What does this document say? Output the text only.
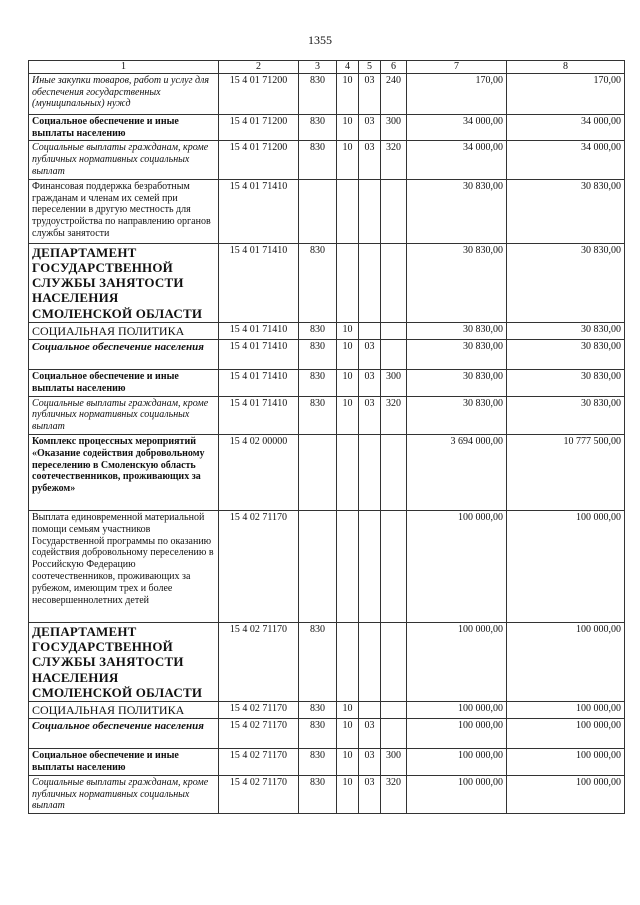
1355
1	2	3	4	5	6	7	8
Иные закупки товаров, работ и услуг для обеспечения государственных (муниципальных) нужд	15 4 01 71200	830	10	03	240	170,00	170,00
Социальное обеспечение и иные выплаты населению	15 4 01 71200	830	10	03	300	34 000,00	34 000,00
Социальные выплаты гражданам, кроме публичных нормативных социальных выплат	15 4 01 71200	830	10	03	320	34 000,00	34 000,00
Финансовая поддержка безработным гражданам и членам их семей при переселении в другую местность для трудоустройства по направлению органов службы занятости	15 4 01 71410					30 830,00	30 830,00
ДЕПАРТАМЕНТ ГОСУДАРСТВЕННОЙ СЛУЖБЫ ЗАНЯТОСТИ НАСЕЛЕНИЯ СМОЛЕНСКОЙ ОБЛАСТИ	15 4 01 71410	830				30 830,00	30 830,00
СОЦИАЛЬНАЯ ПОЛИТИКА	15 4 01 71410	830	10			30 830,00	30 830,00
Социальное обеспечение населения	15 4 01 71410	830	10	03		30 830,00	30 830,00
Социальное обеспечение и иные выплаты населению	15 4 01 71410	830	10	03	300	30 830,00	30 830,00
Социальные выплаты гражданам, кроме публичных нормативных социальных выплат	15 4 01 71410	830	10	03	320	30 830,00	30 830,00
Комплекс процессных мероприятий «Оказание содействия добровольному переселению в Смоленскую область соотечественников, проживающих за рубежом»	15 4 02 00000					3 694 000,00	10 777 500,00
Выплата единовременной материальной помощи семьям участников Государственной программы по оказанию содействия добровольному переселению в Российскую Федерацию соотечественников, проживающих за рубежом, имеющим трех и более несовершеннолетних детей	15 4 02 71170					100 000,00	100 000,00
ДЕПАРТАМЕНТ ГОСУДАРСТВЕННОЙ СЛУЖБЫ ЗАНЯТОСТИ НАСЕЛЕНИЯ СМОЛЕНСКОЙ ОБЛАСТИ	15 4 02 71170	830				100 000,00	100 000,00
СОЦИАЛЬНАЯ ПОЛИТИКА	15 4 02 71170	830	10			100 000,00	100 000,00
Социальное обеспечение населения	15 4 02 71170	830	10	03		100 000,00	100 000,00
Социальное обеспечение и иные выплаты населению	15 4 02 71170	830	10	03	300	100 000,00	100 000,00
Социальные выплаты гражданам, кроме публичных нормативных социальных выплат	15 4 02 71170	830	10	03	320	100 000,00	100 000,00
